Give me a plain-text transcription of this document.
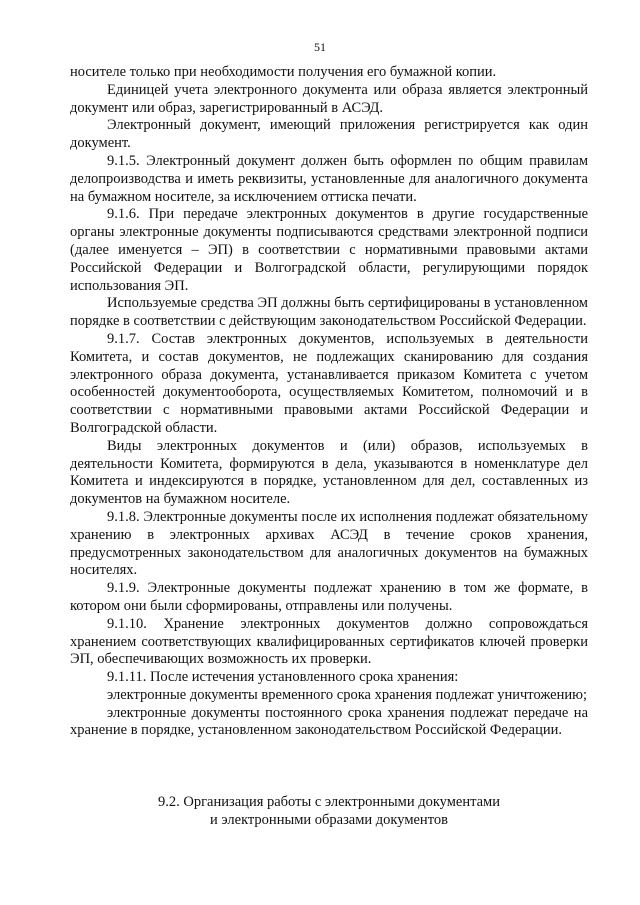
51

носителе только при необходимости получения его бумажной копии.

Единицей учета электронного документа или образа является электронный документ или образ, зарегистрированный в АСЭД.

Электронный документ, имеющий приложения регистрируется как один документ.

9.1.5. Электронный документ должен быть оформлен по общим правилам делопроизводства и иметь реквизиты, установленные для аналогичного документа на бумажном носителе, за исключением оттиска печати.

9.1.6. При передаче электронных документов в другие государственные органы электронные документы подписываются средствами электронной подписи (далее именуется – ЭП) в соответствии с нормативными правовыми актами Российской Федерации и Волгоградской области, регулирующими порядок использования ЭП.

Используемые средства ЭП должны быть сертифицированы в установленном порядке в соответствии с действующим законодательством Российской Федерации.

9.1.7. Состав электронных документов, используемых в деятельности Комитета, и состав документов, не подлежащих сканированию для создания электронного образа документа, устанавливается приказом Комитета с учетом особенностей документооборота, осуществляемых Комитетом, полномочий и в соответствии с нормативными правовыми актами Российской Федерации и Волгоградской области.

Виды электронных документов и (или) образов, используемых в деятельности Комитета, формируются в дела, указываются в номенклатуре дел Комитета и индексируются в порядке, установленном для дел, составленных из документов на бумажном носителе.

9.1.8. Электронные документы после их исполнения подлежат обязательному хранению в электронных архивах АСЭД в течение сроков хранения, предусмотренных законодательством для аналогичных документов на бумажных носителях.

9.1.9. Электронные документы подлежат хранению в том же формате, в котором они были сформированы, отправлены или получены.

9.1.10. Хранение электронных документов должно сопровождаться хранением соответствующих квалифицированных сертификатов ключей проверки ЭП, обеспечивающих возможность их проверки.

9.1.11. После истечения установленного срока хранения:

электронные документы временного срока хранения подлежат уничтожению;

электронные документы постоянного срока хранения подлежат передаче на хранение в порядке, установленном законодательством Российской Федерации.

9.2. Организация работы с электронными документами
и электронными образами документов
